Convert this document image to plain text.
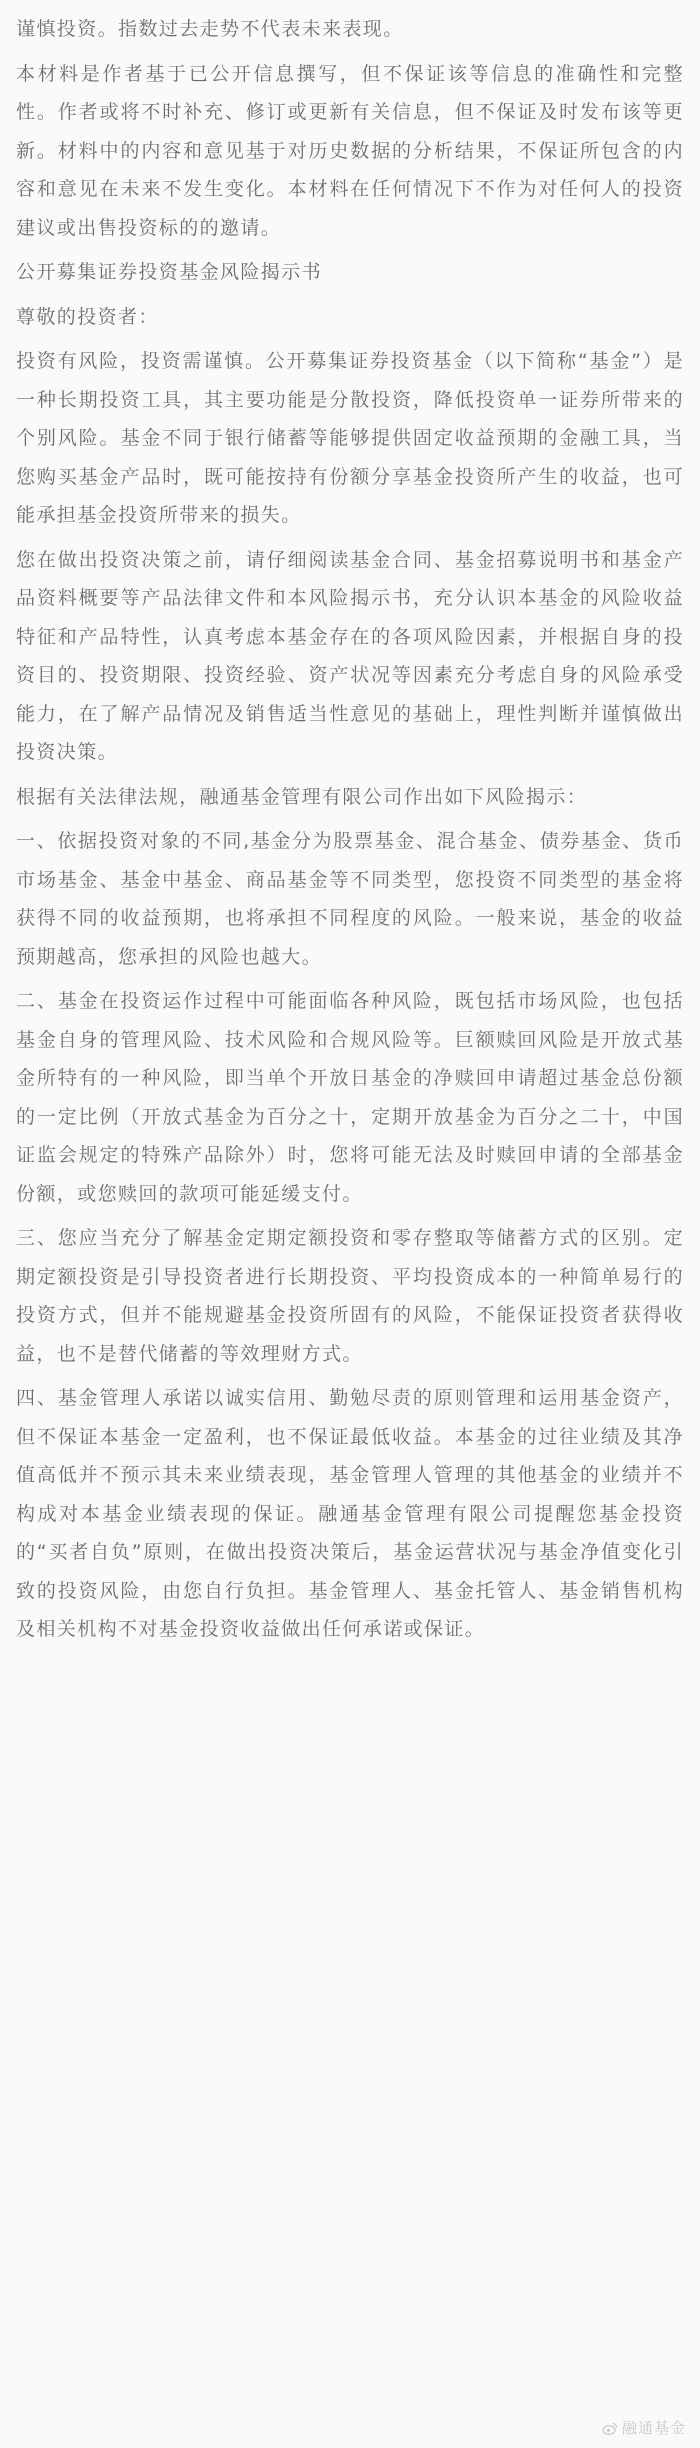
谨慎投资。指数过去走势不代表未来表现。

本材料是作者基于已公开信息撰写，但不保证该等信息的准确性和完整性。作者或将不时补充、修订或更新有关信息，但不保证及时发布该等更新。材料中的内容和意见基于对历史数据的分析结果，不保证所包含的内容和意见在未来不发生变化。本材料在任何情况下不作为对任何人的投资建议或出售投资标的的邀请。

公开募集证券投资基金风险揭示书

尊敬的投资者：

投资有风险，投资需谨慎。公开募集证券投资基金（以下简称“基金”）是一种长期投资工具，其主要功能是分散投资，降低投资单一证券所带来的个别风险。基金不同于银行储蓄等能够提供固定收益预期的金融工具，当您购买基金产品时，既可能按持有份额分享基金投资所产生的收益，也可能承担基金投资所带来的损失。

您在做出投资决策之前，请仔细阅读基金合同、基金招募说明书和基金产品资料概要等产品法律文件和本风险揭示书，充分认识本基金的风险收益特征和产品特性，认真考虑本基金存在的各项风险因素，并根据自身的投资目的、投资期限、投资经验、资产状况等因素充分考虑自身的风险承受能力，在了解产品情况及销售适当性意见的基础上，理性判断并谨慎做出投资决策。

根据有关法律法规，融通基金管理有限公司作出如下风险揭示：

一、依据投资对象的不同,基金分为股票基金、混合基金、债券基金、货币市场基金、基金中基金、商品基金等不同类型，您投资不同类型的基金将获得不同的收益预期，也将承担不同程度的风险。一般来说，基金的收益预期越高，您承担的风险也越大。

二、基金在投资运作过程中可能面临各种风险，既包括市场风险，也包括基金自身的管理风险、技术风险和合规风险等。巨额赎回风险是开放式基金所特有的一种风险，即当单个开放日基金的净赎回申请超过基金总份额的一定比例（开放式基金为百分之十，定期开放基金为百分之二十，中国证监会规定的特殊产品除外）时，您将可能无法及时赎回申请的全部基金份额，或您赎回的款项可能延缓支付。

三、您应当充分了解基金定期定额投资和零存整取等储蓄方式的区别。定期定额投资是引导投资者进行长期投资、平均投资成本的一种简单易行的投资方式，但并不能规避基金投资所固有的风险，不能保证投资者获得收益，也不是替代储蓄的等效理财方式。

四、基金管理人承诺以诚实信用、勤勉尽责的原则管理和运用基金资产，但不保证本基金一定盈利，也不保证最低收益。本基金的过往业绩及其净值高低并不预示其未来业绩表现，基金管理人管理的其他基金的业绩并不构成对本基金业绩表现的保证。融通基金管理有限公司提醒您基金投资的“买者自负”原则，在做出投资决策后，基金运营状况与基金净值变化引致的投资风险，由您自行负担。基金管理人、基金托管人、基金销售机构及相关机构不对基金投资收益做出任何承诺或保证。

融通基金
